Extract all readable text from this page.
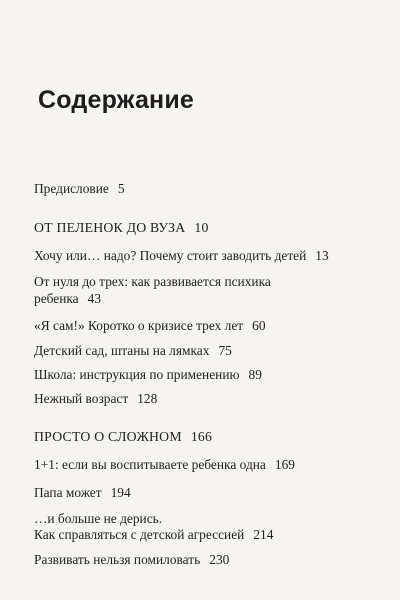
Содержание
Предисловие 5
ОТ ПЕЛЕНОК ДО ВУЗА 10
Хочу или… надо? Почему стоит заводить детей 13
От нуля до трех: как развивается психика
ребенка 43
«Я сам!» Коротко о кризисе трех лет 60
Детский сад, штаны на лямках 75
Школа: инструкция по применению 89
Нежный возраст 128
ПРОСТО О СЛОЖНОМ 166
1+1: если вы воспитываете ребенка одна 169
Папа может 194
…и больше не дерись.
Как справляться с детской агрессией 214
Развивать нельзя помиловать 230
